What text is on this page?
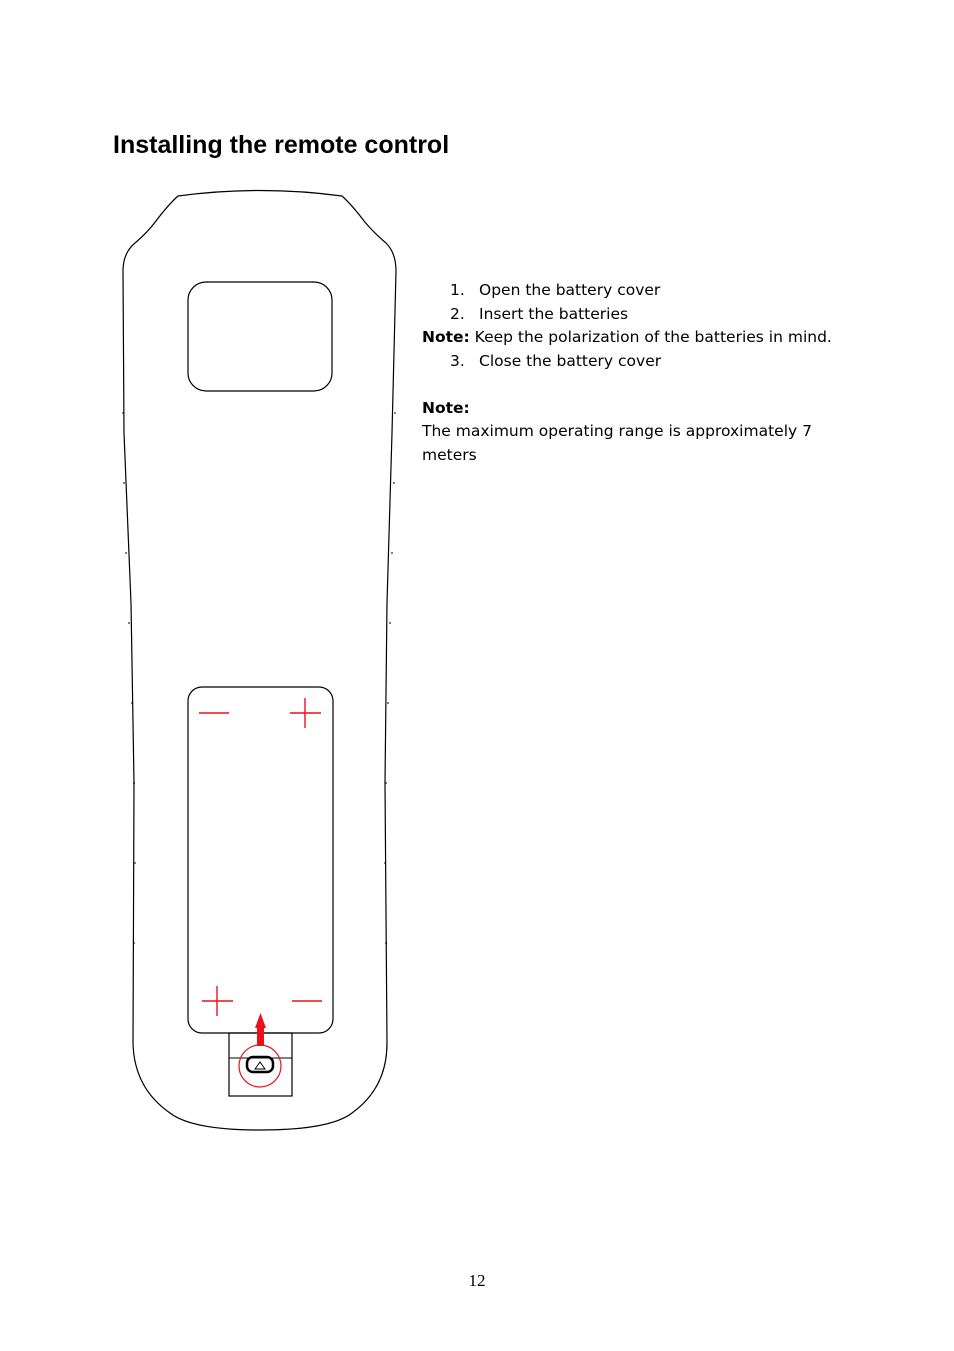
Installing the remote control
1. Open the battery cover
2. Insert the batteries
Note: Keep the polarization of the batteries in mind.
3. Close the battery cover
Note:
The maximum operating range is approximately 7 meters
12
